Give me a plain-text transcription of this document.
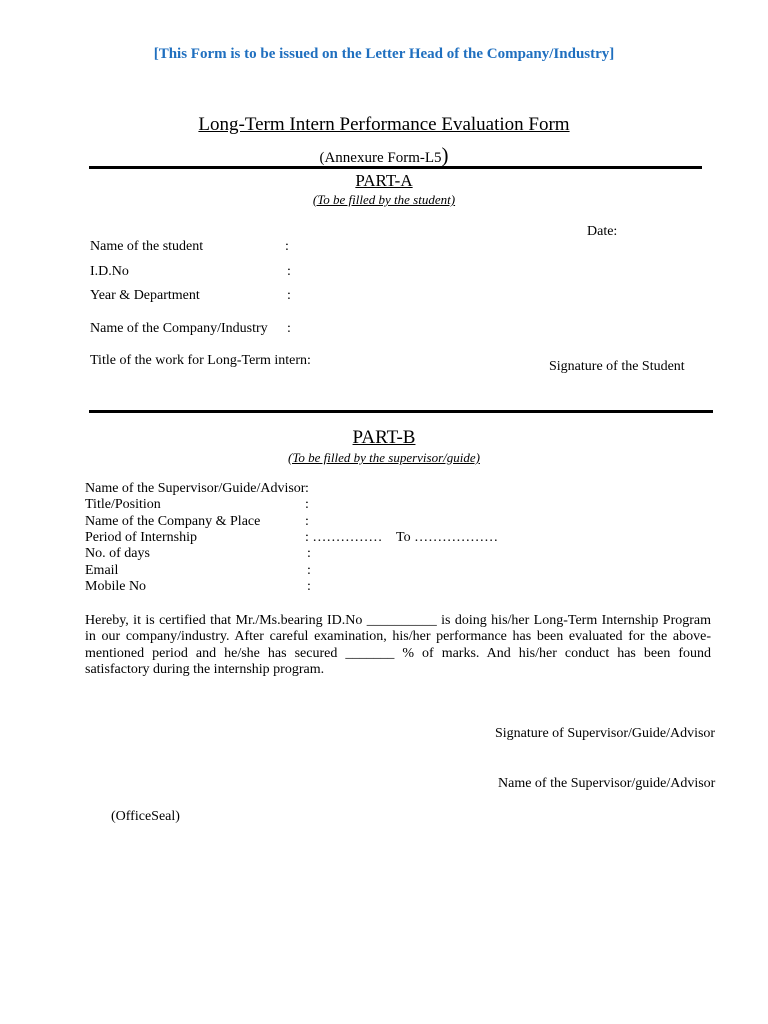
[This Form is to be issued on the Letter Head of the Company/Industry]
Long-Term Intern Performance Evaluation Form
(Annexure Form-L5)
PART-A
(To be filled by the student)
Date:
Name of the student	:
I.D.No	:
Year & Department	:
Name of the Company/Industry :
Title of the work for Long-Term intern:	Signature of the Student
PART-B
(To be filled by the supervisor/guide)
Name of the Supervisor/Guide/Advisor :
Title/Position	:
Name of the Company & Place	:
Period of Internship	: …………… To ………………
No. of days	:
Email	:
Mobile No	:
Hereby, it is certified that Mr./Ms.bearing ID.No __________ is doing his/her Long-Term Internship Program in our company/industry. After careful examination, his/her performance has been evaluated for the above-mentioned period and he/she has secured _______ % of marks. And his/her conduct has been found satisfactory during the internship program.
Signature of Supervisor/Guide/Advisor
Name of the Supervisor/guide/Advisor
(OfficeSeal)
